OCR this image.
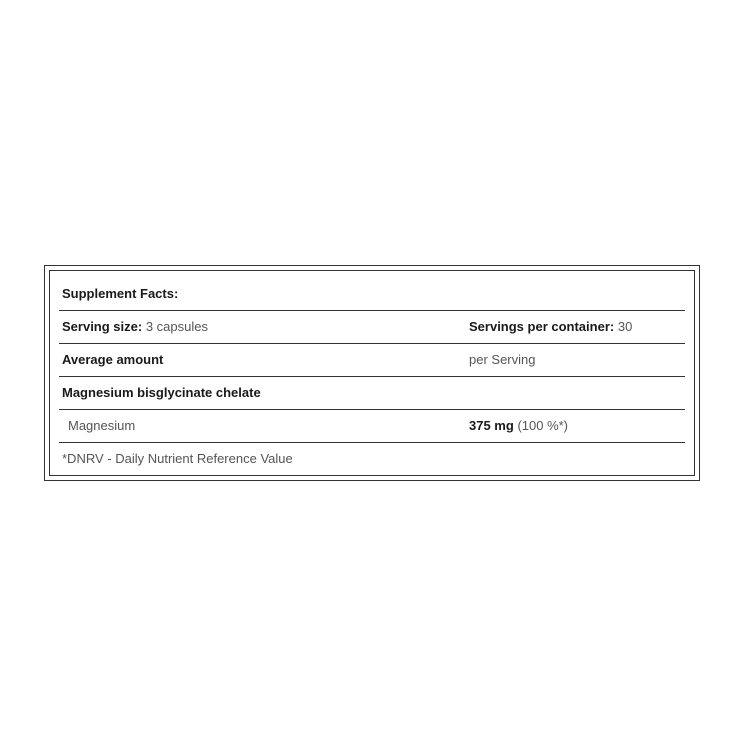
Supplement Facts:
Serving size: 3 capsules	Servings per container: 30
Average amount	per Serving
Magnesium bisglycinate chelate
Magnesium	375 mg (100 %*)
*DNRV - Daily Nutrient Reference Value
